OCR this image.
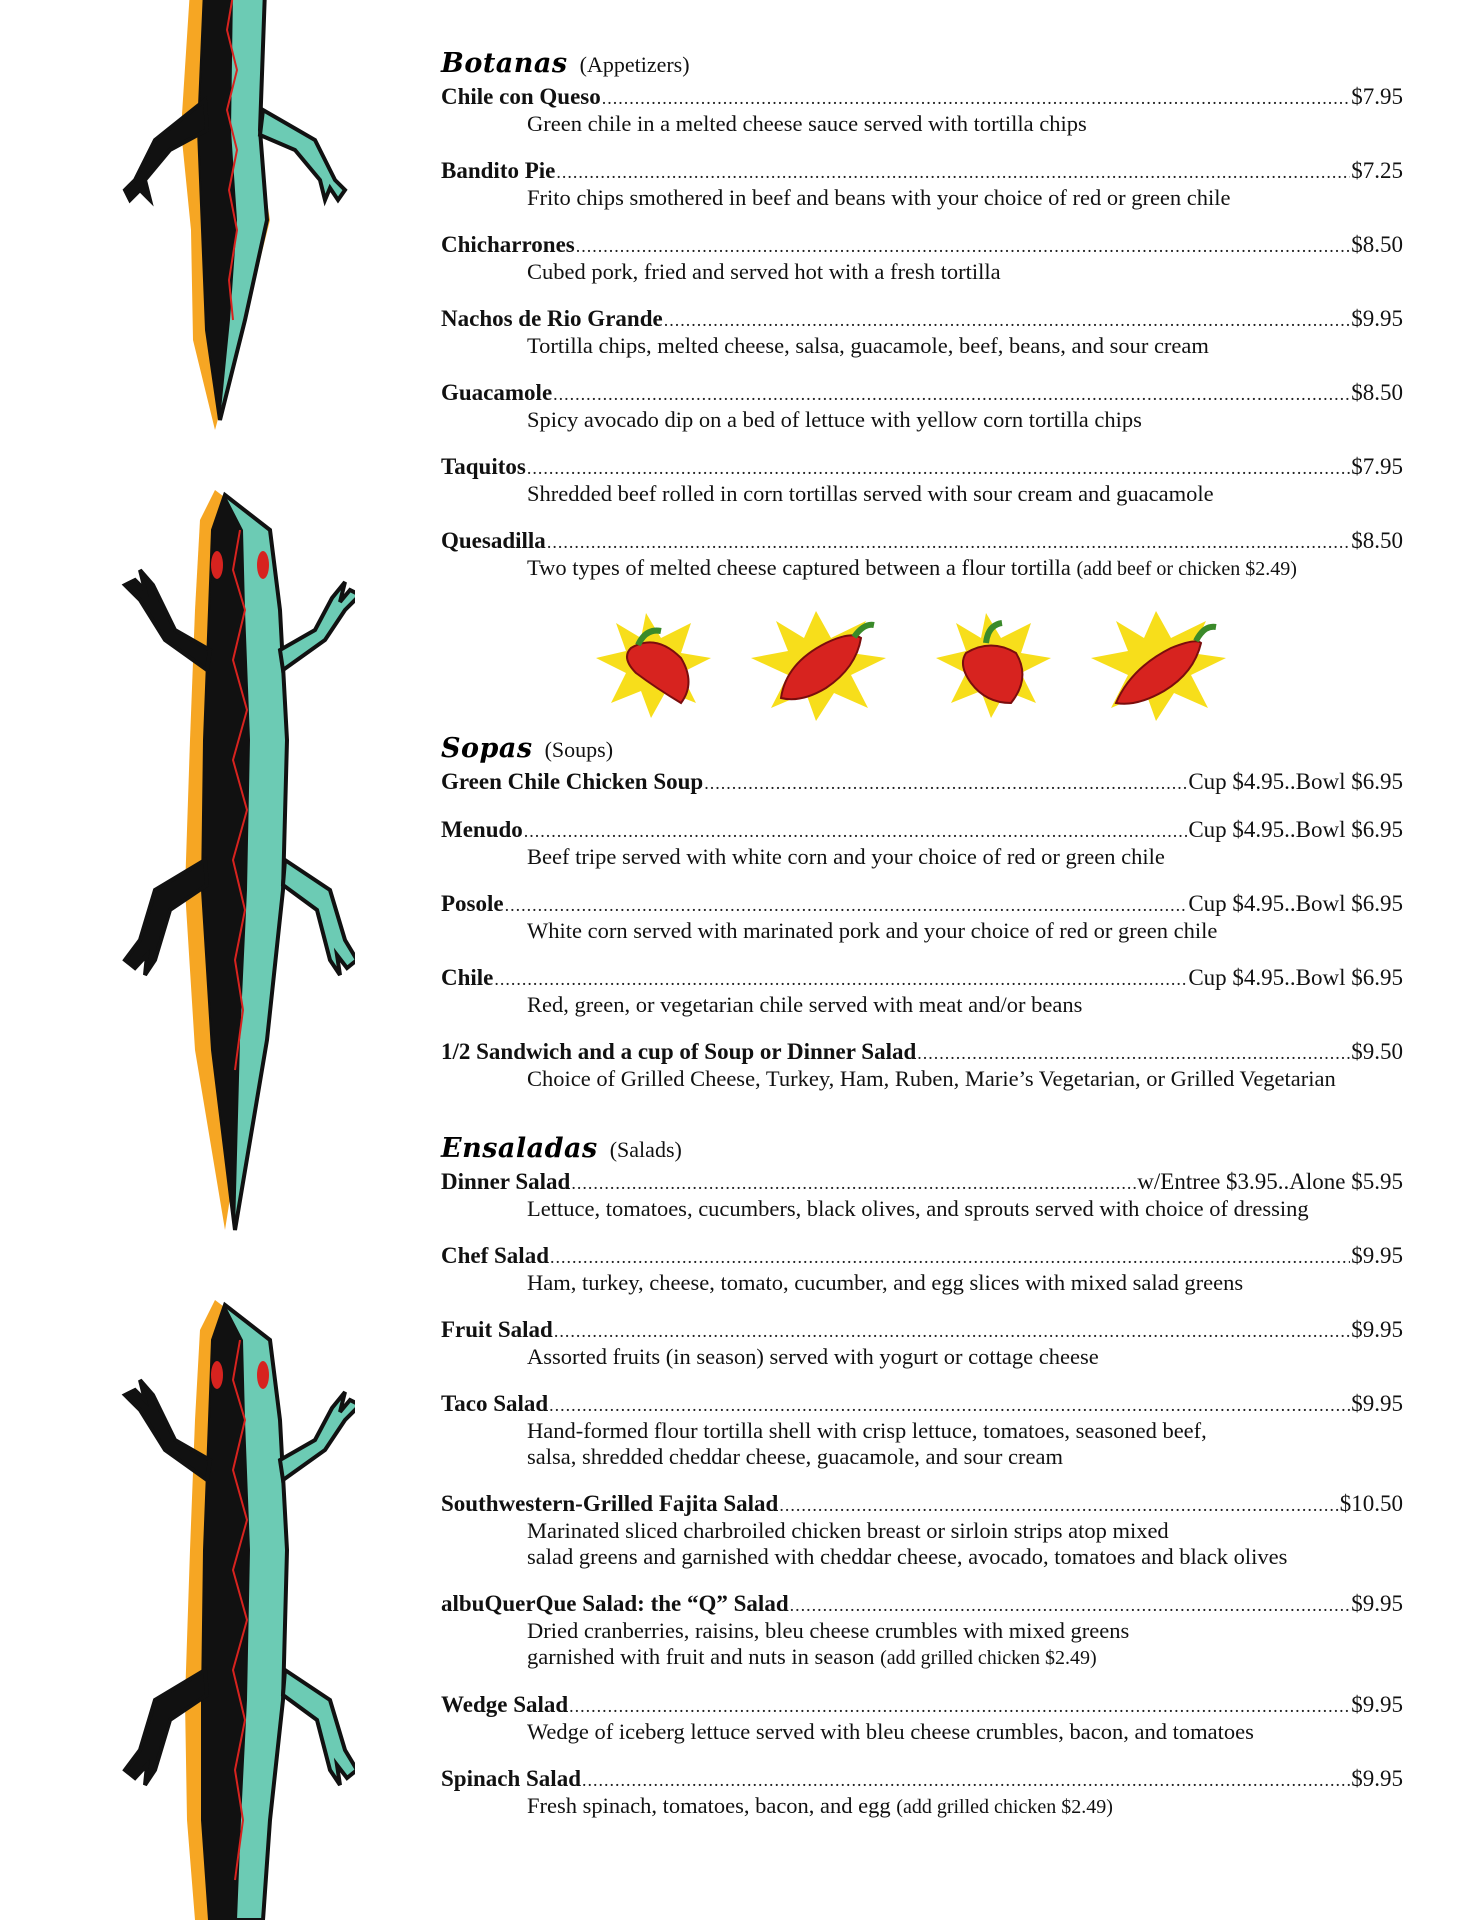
Botanas (Appetizers)
Chile con Queso .....	$7.95
Green chile in a melted cheese sauce served with tortilla chips
Bandito Pie .....	$7.25
Frito chips smothered in beef and beans with your choice of red or green chile
Chicharrones .....	$8.50
Cubed pork, fried and served hot with a fresh tortilla
Nachos de Rio Grande .....	$9.95
Tortilla chips, melted cheese, salsa, guacamole, beef, beans, and sour cream
Guacamole .....	$8.50
Spicy avocado dip on a bed of lettuce with yellow corn tortilla chips
Taquitos .....	$7.95
Shredded beef rolled in corn tortillas served with sour cream and guacamole
Quesadilla .....	$8.50
Two types of melted cheese captured between a flour tortilla (add beef or chicken $2.49)
Sopas (Soups)
Green Chile Chicken Soup .....	Cup $4.95..Bowl $6.95
Menudo .....	Cup $4.95..Bowl $6.95
Beef tripe served with white corn and your choice of red or green chile
Posole .....	Cup $4.95..Bowl $6.95
White corn served with marinated pork and your choice of red or green chile
Chile .....	Cup $4.95..Bowl $6.95
Red, green, or vegetarian chile served with meat and/or beans
1/2 Sandwich and a cup of Soup or Dinner Salad .....	$9.50
Choice of Grilled Cheese, Turkey, Ham, Ruben, Marie’s Vegetarian, or Grilled Vegetarian
Ensaladas (Salads)
Dinner Salad .....	w/Entree $3.95..Alone $5.95
Lettuce, tomatoes, cucumbers, black olives, and sprouts served with choice of dressing
Chef Salad .....	$9.95
Ham, turkey, cheese, tomato, cucumber, and egg slices with mixed salad greens
Fruit Salad .....	$9.95
Assorted fruits (in season) served with yogurt or cottage cheese
Taco Salad .....	$9.95
Hand-formed flour tortilla shell with crisp lettuce, tomatoes, seasoned beef,
salsa, shredded cheddar cheese, guacamole, and sour cream
Southwestern-Grilled Fajita Salad .....	$10.50
Marinated sliced charbroiled chicken breast or sirloin strips atop mixed
salad greens and garnished with cheddar cheese, avocado, tomatoes and black olives
albuQuerQue Salad: the “Q” Salad .....	$9.95
Dried cranberries, raisins, bleu cheese crumbles with mixed greens
garnished with fruit and nuts in season (add grilled chicken $2.49)
Wedge Salad .....	$9.95
Wedge of iceberg lettuce served with bleu cheese crumbles, bacon, and tomatoes
Spinach Salad .....	$9.95
Fresh spinach, tomatoes, bacon, and egg (add grilled chicken $2.49)
